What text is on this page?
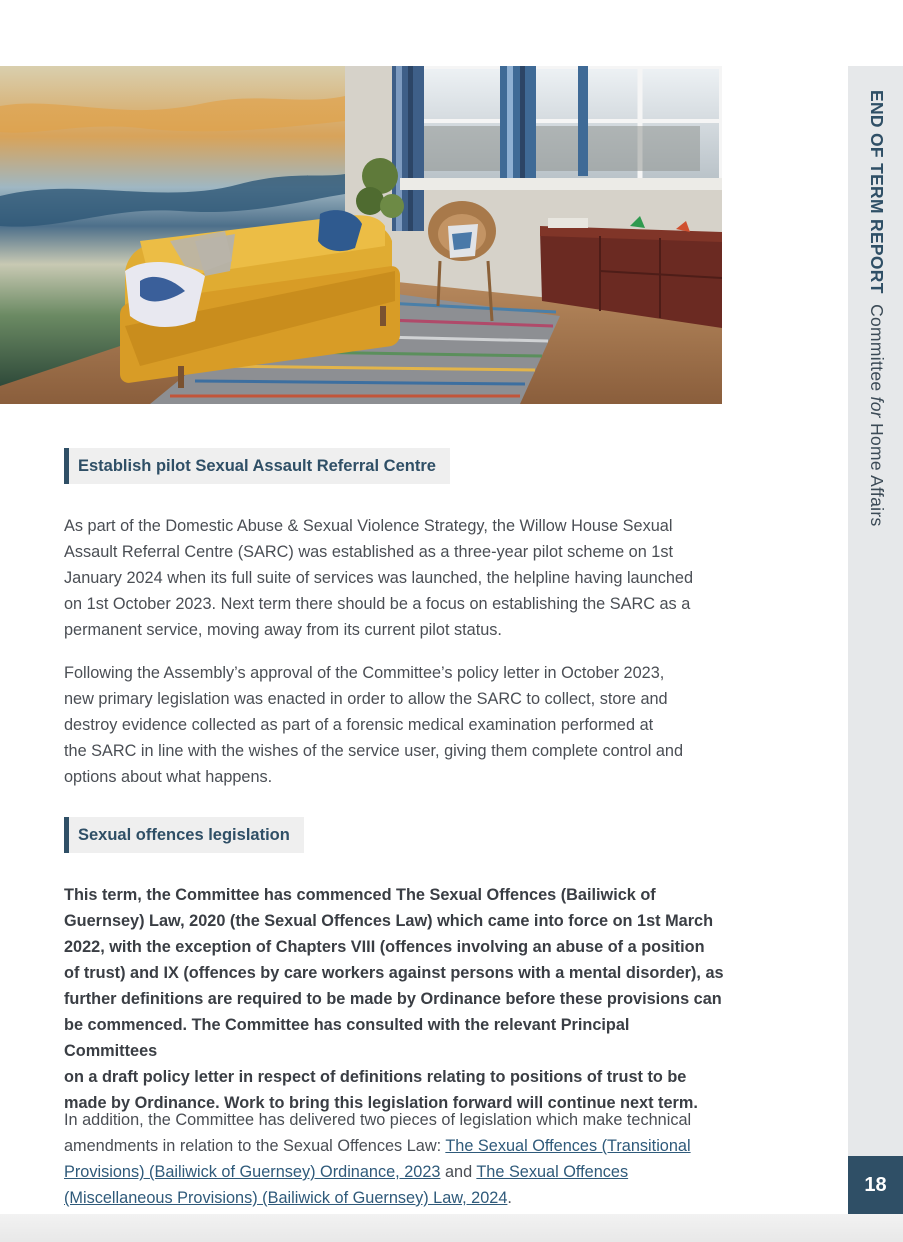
Establish pilot Sexual Assault Referral Centre

As part of the Domestic Abuse & Sexual Violence Strategy, the Willow House Sexual
Assault Referral Centre (SARC) was established as a three-year pilot scheme on 1st
January 2024 when its full suite of services was launched, the helpline having launched
on 1st October 2023. Next term there should be a focus on establishing the SARC as a
permanent service, moving away from its current pilot status.

Following the Assembly’s approval of the Committee’s policy letter in October 2023,
new primary legislation was enacted in order to allow the SARC to collect, store and
destroy evidence collected as part of a forensic medical examination performed at
the SARC in line with the wishes of the service user, giving them complete control and
options about what happens.

Sexual offences legislation

This term, the Committee has commenced The Sexual Offences (Bailiwick of
Guernsey) Law, 2020 (the Sexual Offences Law) which came into force on 1st March
2022, with the exception of Chapters VIII (offences involving an abuse of a position
of trust) and IX (offences by care workers against persons with a mental disorder), as
further definitions are required to be made by Ordinance before these provisions can
be commenced. The Committee has consulted with the relevant Principal Committees
on a draft policy letter in respect of definitions relating to positions of trust to be
made by Ordinance. Work to bring this legislation forward will continue next term.

In addition, the Committee has delivered two pieces of legislation which make technical
amendments in relation to the Sexual Offences Law: The Sexual Offences (Transitional
Provisions) (Bailiwick of Guernsey) Ordinance, 2023 and The Sexual Offences
(Miscellaneous Provisions) (Bailiwick of Guernsey) Law, 2024.

END OF TERM REPORT  Committee for Home Affairs
18
